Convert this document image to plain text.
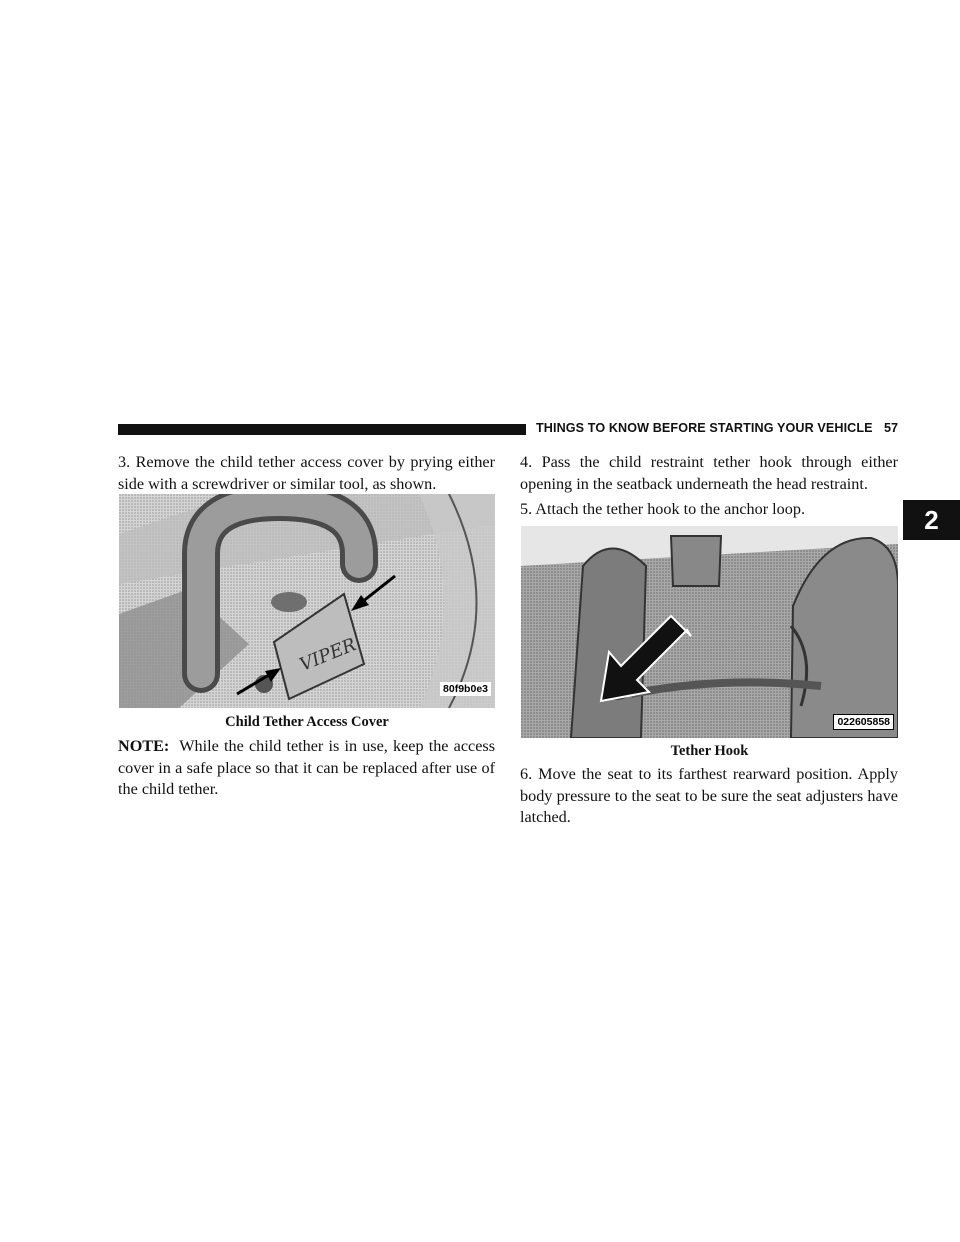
THINGS TO KNOW BEFORE STARTING YOUR VEHICLE 57
2

3. Remove the child tether access cover by prying either side with a screwdriver or similar tool, as shown.

VIPER
80f9b0e3
Child Tether Access Cover

NOTE: While the child tether is in use, keep the access cover in a safe place so that it can be replaced after use of the child tether.

4. Pass the child restraint tether hook through either opening in the seatback underneath the head restraint.

5. Attach the tether hook to the anchor loop.

022605858
Tether Hook

6. Move the seat to its farthest rearward position. Apply body pressure to the seat to be sure the seat adjusters have latched.
